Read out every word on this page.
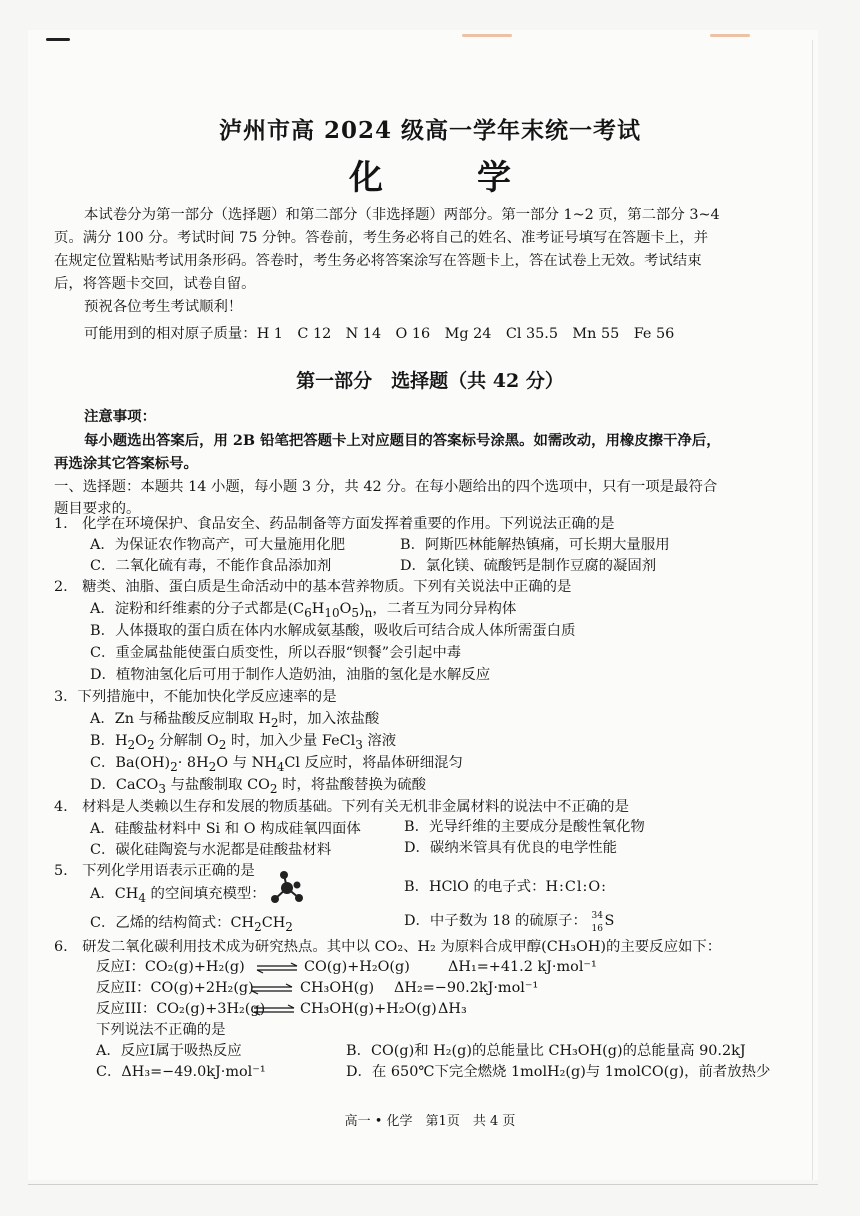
泸州市高 2024 级高一学年末统一考试
化　学
本试卷分为第一部分（选择题）和第二部分（非选择题）两部分。第一部分 1~2 页，第二部分 3~4
页。满分 100 分。考试时间 75 分钟。答卷前，考生务必将自己的姓名、准考证号填写在答题卡上，并
在规定位置粘贴考试用条形码。答卷时，考生务必将答案涂写在答题卡上，答在试卷上无效。考试结束
后，将答题卡交回，试卷自留。
预祝各位考生考试顺利！
可能用到的相对原子质量：H 1　C 12　N 14　O 16　Mg 24　Cl 35.5　Mn 55　Fe 56
第一部分　选择题（共 42 分）
注意事项：
每小题选出答案后，用 2B 铅笔把答题卡上对应题目的答案标号涂黑。如需改动，用橡皮擦干净后，
再选涂其它答案标号。
一、选择题：本题共 14 小题，每小题 3 分，共 42 分。在每小题给出的四个选项中，只有一项是最符合
题目要求的。
1.　化学在环境保护、食品安全、药品制备等方面发挥着重要的作用。下列说法正确的是
A．为保证农作物高产，可大量施用化肥	B．阿斯匹林能解热镇痛，可长期大量服用
C．二氧化硫有毒，不能作食品添加剂	D．氯化镁、硫酸钙是制作豆腐的凝固剂
2.　糖类、油脂、蛋白质是生命活动中的基本营养物质。下列有关说法中正确的是
A．淀粉和纤维素的分子式都是$(C_6H_{10}O_5)_n$，二者互为同分异构体
B．人体摄取的蛋白质在体内水解成氨基酸，吸收后可结合成人体所需蛋白质
C．重金属盐能使蛋白质变性，所以吞服“钡餐”会引起中毒
D．植物油氢化后可用于制作人造奶油，油脂的氢化是水解反应
3．下列措施中，不能加快化学反应速率的是
A．Zn 与稀盐酸反应制取 $H_2$时，加入浓盐酸
B．$H_2O_2$ 分解制 $O_2$ 时，加入少量 FeCl$_3$ 溶液
C．$Ba(OH)_2\cdot 8H_2O$ 与 $NH_4Cl$ 反应时，将晶体研细混匀
D．CaCO$_3$ 与盐酸制取 $CO_2$ 时，将盐酸替换为硫酸
4.　材料是人类赖以生存和发展的物质基础。下列有关无机非金属材料的说法中不正确的是
A．硅酸盐材料中 Si 和 O 构成硅氧四面体	B．光导纤维的主要成分是酸性氧化物
C．碳化硅陶瓷与水泥都是硅酸盐材料	D．碳纳米管具有优良的电学性能
5.　下列化学用语表示正确的是
A．$CH_4$ 的空间填充模型：	B．HClO 的电子式：H:Cl:O:
C．乙烯的结构简式：$CH_2CH_2$	D．中子数为 18 的硫原子： 34
16 S
6.　研发二氧化碳利用技术成为研究热点。其中以 CO₂、H₂ 为原料合成甲醇(CH₃OH)的主要反应如下：
反应I：CO₂(g)+H₂(g) ⇌ CO(g)+H₂O(g)	ΔH₁=+41.2 kJ·mol⁻¹
反应II：CO(g)+2H₂(g) ⇌ CH₃OH(g) ΔH₂=−90.2kJ·mol⁻¹
反应III：CO₂(g)+3H₂(g) ⇌ CH₃OH(g)+H₂O(g) ΔH₃
下列说法不正确的是
A．反应I属于吸热反应	B．CO(g)和 H₂(g)的总能量比 CH₃OH(g)的总能量高 90.2kJ
C．ΔH₃=−49.0kJ·mol⁻¹	D．在 650℃下完全燃烧 1molH₂(g)与 1molCO(g)，前者放热少
高一 • 化学　第1页　共 4 页
